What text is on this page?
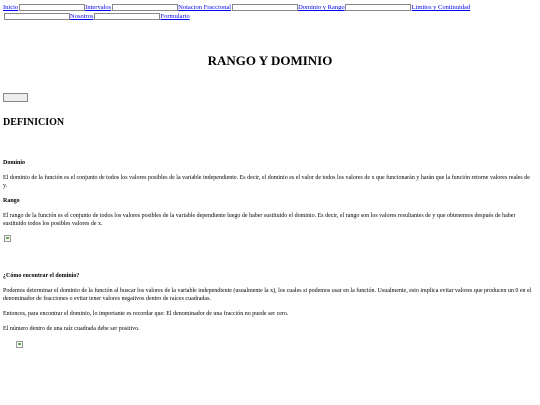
Inicio	Intervalos	Notacion Fraccional	Dominio y Rango	Limites y Continuidad
Nosotros	Formulario
RANGO Y DOMINIO
DEFINICION

Dominio

El dominio de la función es el conjunto de todos los valores posibles de la variable independiente. Es decir, el dominio es el valor de todos los valores de x que funcionarán y harán que la función retorne valores reales de y.

Rango

El rango de la función es el conjunto de todos los valores posibles de la variable dependiente luego de haber sustituido el dominio. Es decir, el rango son los valores resultantes de y que obtenemos después de haber sustituido todos los posibles valores de x.

¿Cómo encontrar el dominio?

Podemos determinar el dominio de la función al buscar los valores de la variable independiente (usualmente la x), los cuales si podemos usar en la función. Usualmente, esto implica evitar valores que producen un 0 en el denominador de fracciones o evitar tener valores negativos dentro de raíces cuadradas.

Entonces, para encontrar el dominio, lo importante es recordar que: El denominador de una fracción no puede ser cero.

El número dentro de una raíz cuadrada debe ser positivo.
